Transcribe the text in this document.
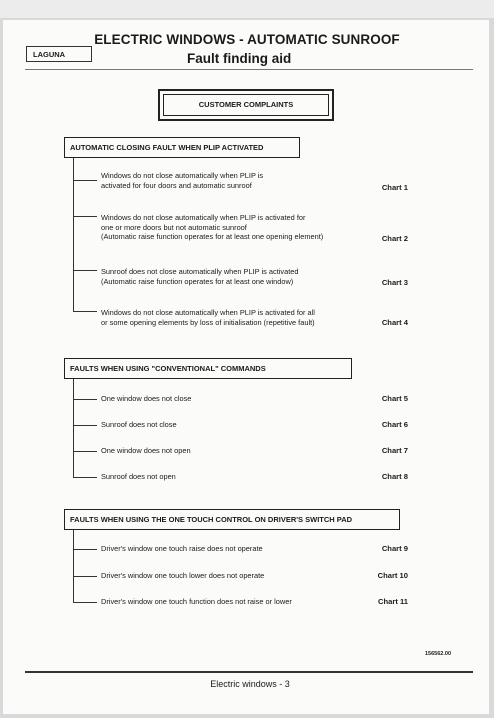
ELECTRIC WINDOWS - AUTOMATIC SUNROOF
Fault finding aid
LAGUNA
CUSTOMER COMPLAINTS
AUTOMATIC CLOSING FAULT WHEN PLIP ACTIVATED
Windows do not close automatically when PLIP is
activated for four doors and automatic sunroof	Chart 1
Windows do not close automatically when PLIP is activated for
one or more doors but not automatic sunroof
(Automatic raise function operates for at least one opening element)	Chart 2
Sunroof does not close automatically when PLIP is activated
(Automatic raise function operates for at least one window)	Chart 3
Windows do not close automatically when PLIP is activated for all
or some opening elements by loss of initialisation (repetitive fault)	Chart 4
FAULTS WHEN USING "CONVENTIONAL" COMMANDS
One window does not close	Chart 5
Sunroof does not close	Chart 6
One window does not open	Chart 7
Sunroof does not open	Chart 8
FAULTS WHEN USING THE ONE TOUCH CONTROL ON DRIVER'S SWITCH PAD
Driver's window one touch raise does not operate	Chart 9
Driver's window one touch lower does not operate	Chart 10
Driver's window one touch function does not raise or lower	Chart 11
156562.00
Electric windows - 3
